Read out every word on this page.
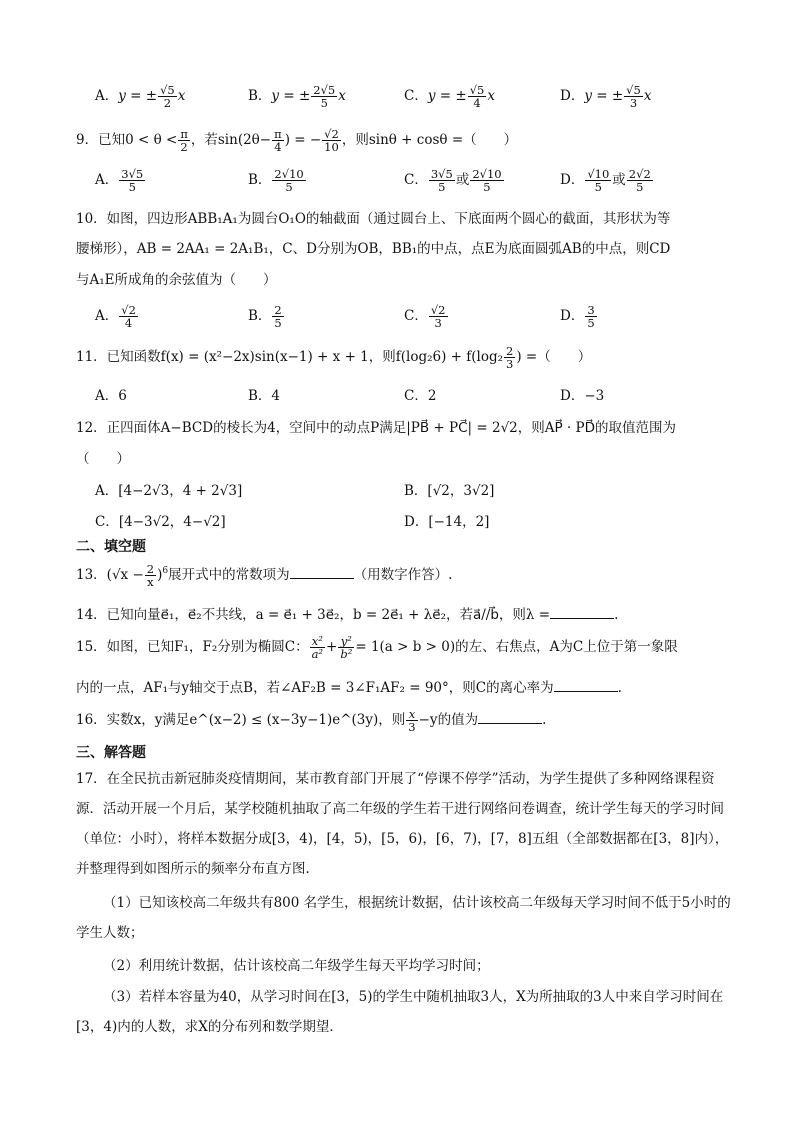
A．y = ± $\frac{√5}{2}$ x	B．y = ± $\frac{2√5}{5}$ x	C．y = ± $\frac{√5}{4}$ x	D．y = ± $\frac{√5}{3}$ x
9．已知$0 < \theta < \frac{\pi}{2}$ ，若$\sin(2\theta- \frac{\pi}{4}$ ) = − $\frac{√2}{10}$ ，则sinθ + cosθ =（　　）
A． $\frac{3√5}{5}$	B． $\frac{2√10}{5}$	C． $\frac{3√5}{5}$ 或 $\frac{2√10}{5}$	D． $\frac{√10}{5}$ 或 $\frac{2√2}{5}$
10．如图，四边形ABB₁A₁为圆台O₁O的轴截面（通过圆台上、下底面两个圆心的截面，其形状为等
腰梯形），AB = 2AA₁ = 2A₁B₁，C、D分别为OB，BB₁的中点，点E为底面圆弧AB的中点，则CD
与A₁E所成角的余弦值为（　　）
A． $\frac{√2}{4}$	B． $\frac{2}{5}$	C． $\frac{√2}{3}$	D． $\frac{3}{5}$
11．已知函数f(x) = (x²−2x)sin(x−1) + x + 1，则$f(\log_26) + f(\log_2 \frac{2}{3}$ ) =（　　）
A．6	B．4	C．2	D．−3
12．正四面体A−BCD的棱长为4，空间中的动点P满足|PB⃗ + PC⃗| = 2√2，则AP⃗ · PD⃗的取值范围为
（　　）
A．[4−2√3，4 + 2√3]	B．[√2，3√2]
C．[4−3√2，4−√2]	D．[−14，2]
二、填空题
13．$(√x - \frac{2}{x} )^6$展开式中的常数项为	（用数字作答）.
14．已知向量e⃗₁，e⃗₂不共线，a = e⃗₁ + 3e⃗₂，b = 2e⃗₁ + λe⃗₂，若a⃗//b⃗，则λ =	.
15．如图，已知F₁，F₂分别为椭圆C： $\frac{\text{x²}}{\text{a²}} + \frac{\text{y²}}{\text{b²}} = 1(a > b > 0)$的左、右焦点，A为C上位于第一象限
内的一点，AF₁与y轴交于点B，若∠AF₂B = 3∠F₁AF₂ = 90°，则C的离心率为	.
16．实数x，y满足e^(x−2) ≤ (x−3y−1)e^(3y)，则 $\frac{x}{3} -y$的值为	.
三、解答题
17．在全民抗击新冠肺炎疫情期间，某市教育部门开展了“停课不停学”活动，为学生提供了多种网络课程资源．活动开展一个月后，某学校随机抽取了高二年级的学生若干进行网络问卷调查，统计学生每天的学习时间（单位：小时），将样本数据分成[3，4)，[4，5)，[5，6)，[6，7)，[7，8]五组（全部数据都在[3，8]内），并整理得到如图所示的频率分布直方图．
（1）已知该校高二年级共有800 名学生，根据统计数据，估计该校高二年级每天学习时间不低于5小时的学生人数；
（2）利用统计数据，估计该校高二年级学生每天平均学习时间；
（3）若样本容量为40，从学习时间在[3，5)的学生中随机抽取3人，X为所抽取的3人中来自学习时间在[3，4)内的人数，求X的分布列和数学期望．
